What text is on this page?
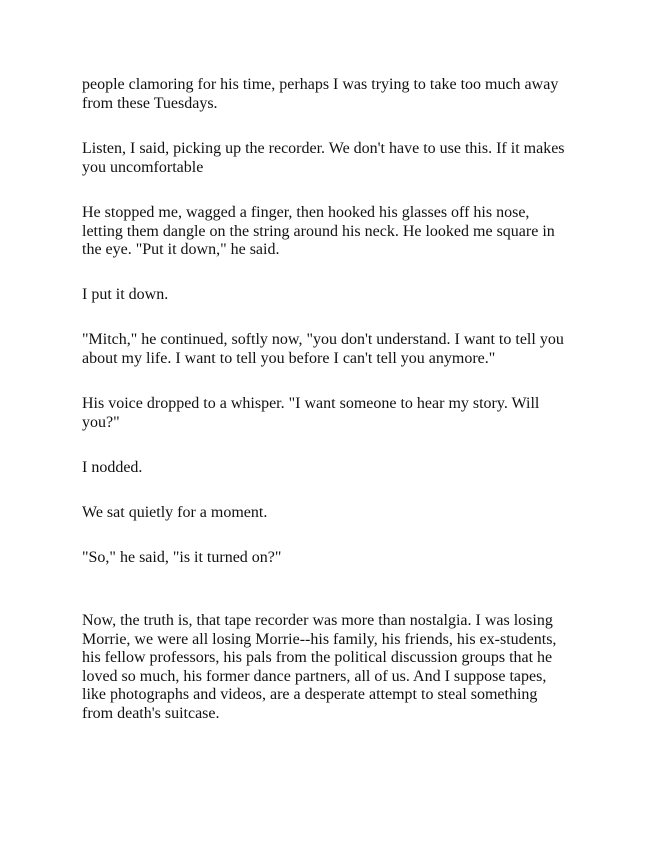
people clamoring for his time, perhaps I was trying to take too much away
from these Tuesdays.

Listen, I said, picking up the recorder. We don't have to use this. If it makes
you uncomfortable

He stopped me, wagged a finger, then hooked his glasses off his nose,
letting them dangle on the string around his neck. He looked me square in
the eye. "Put it down," he said.

I put it down.

"Mitch," he continued, softly now, "you don't understand. I want to tell you
about my life. I want to tell you before I can't tell you anymore."

His voice dropped to a whisper. "I want someone to hear my story. Will
you?"

I nodded.

We sat quietly for a moment.

"So," he said, "is it turned on?"

Now, the truth is, that tape recorder was more than nostalgia. I was losing
Morrie, we were all losing Morrie--his family, his friends, his ex-students,
his fellow professors, his pals from the political discussion groups that he
loved so much, his former dance partners, all of us. And I suppose tapes,
like photographs and videos, are a desperate attempt to steal something
from death's suitcase.
